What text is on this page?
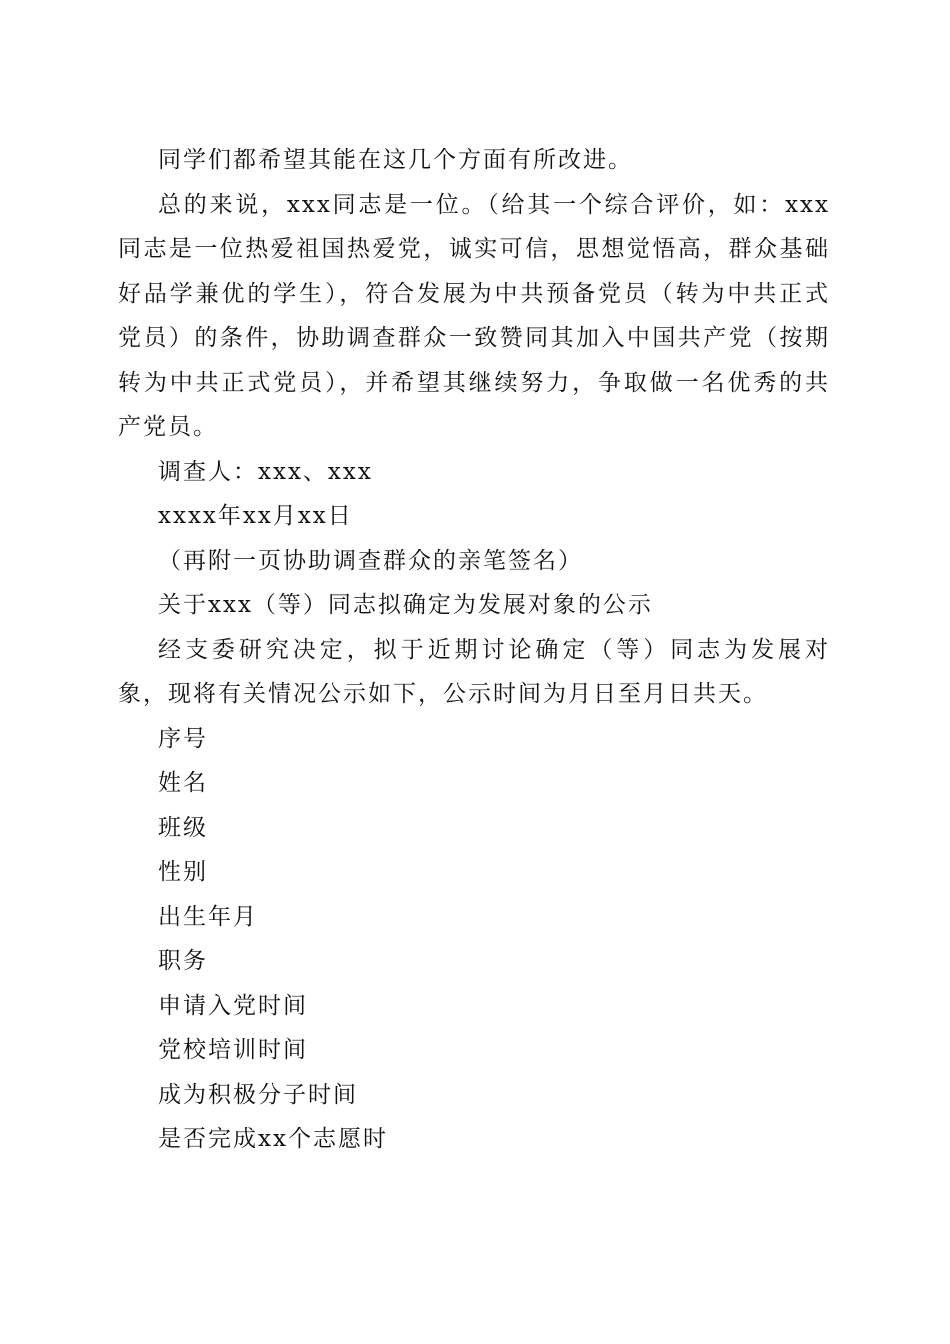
同学们都希望其能在这几个方面有所改进。

总的来说，xxx同志是一位。（给其一个综合评价，如：xxx同志是一位热爱祖国热爱党，诚实可信，思想觉悟高，群众基础好品学兼优的学生），符合发展为中共预备党员（转为中共正式党员）的条件，协助调查群众一致赞同其加入中国共产党（按期转为中共正式党员），并希望其继续努力，争取做一名优秀的共产党员。

调查人：xxx、xxx

xxxx年xx月xx日

（再附一页协助调查群众的亲笔签名）

关于xxx（等）同志拟确定为发展对象的公示

经支委研究决定，拟于近期讨论确定（等）同志为发展对象，现将有关情况公示如下，公示时间为月日至月日共天。

序号

姓名

班级

性别

出生年月

职务

申请入党时间

党校培训时间

成为积极分子时间

是否完成xx个志愿时
